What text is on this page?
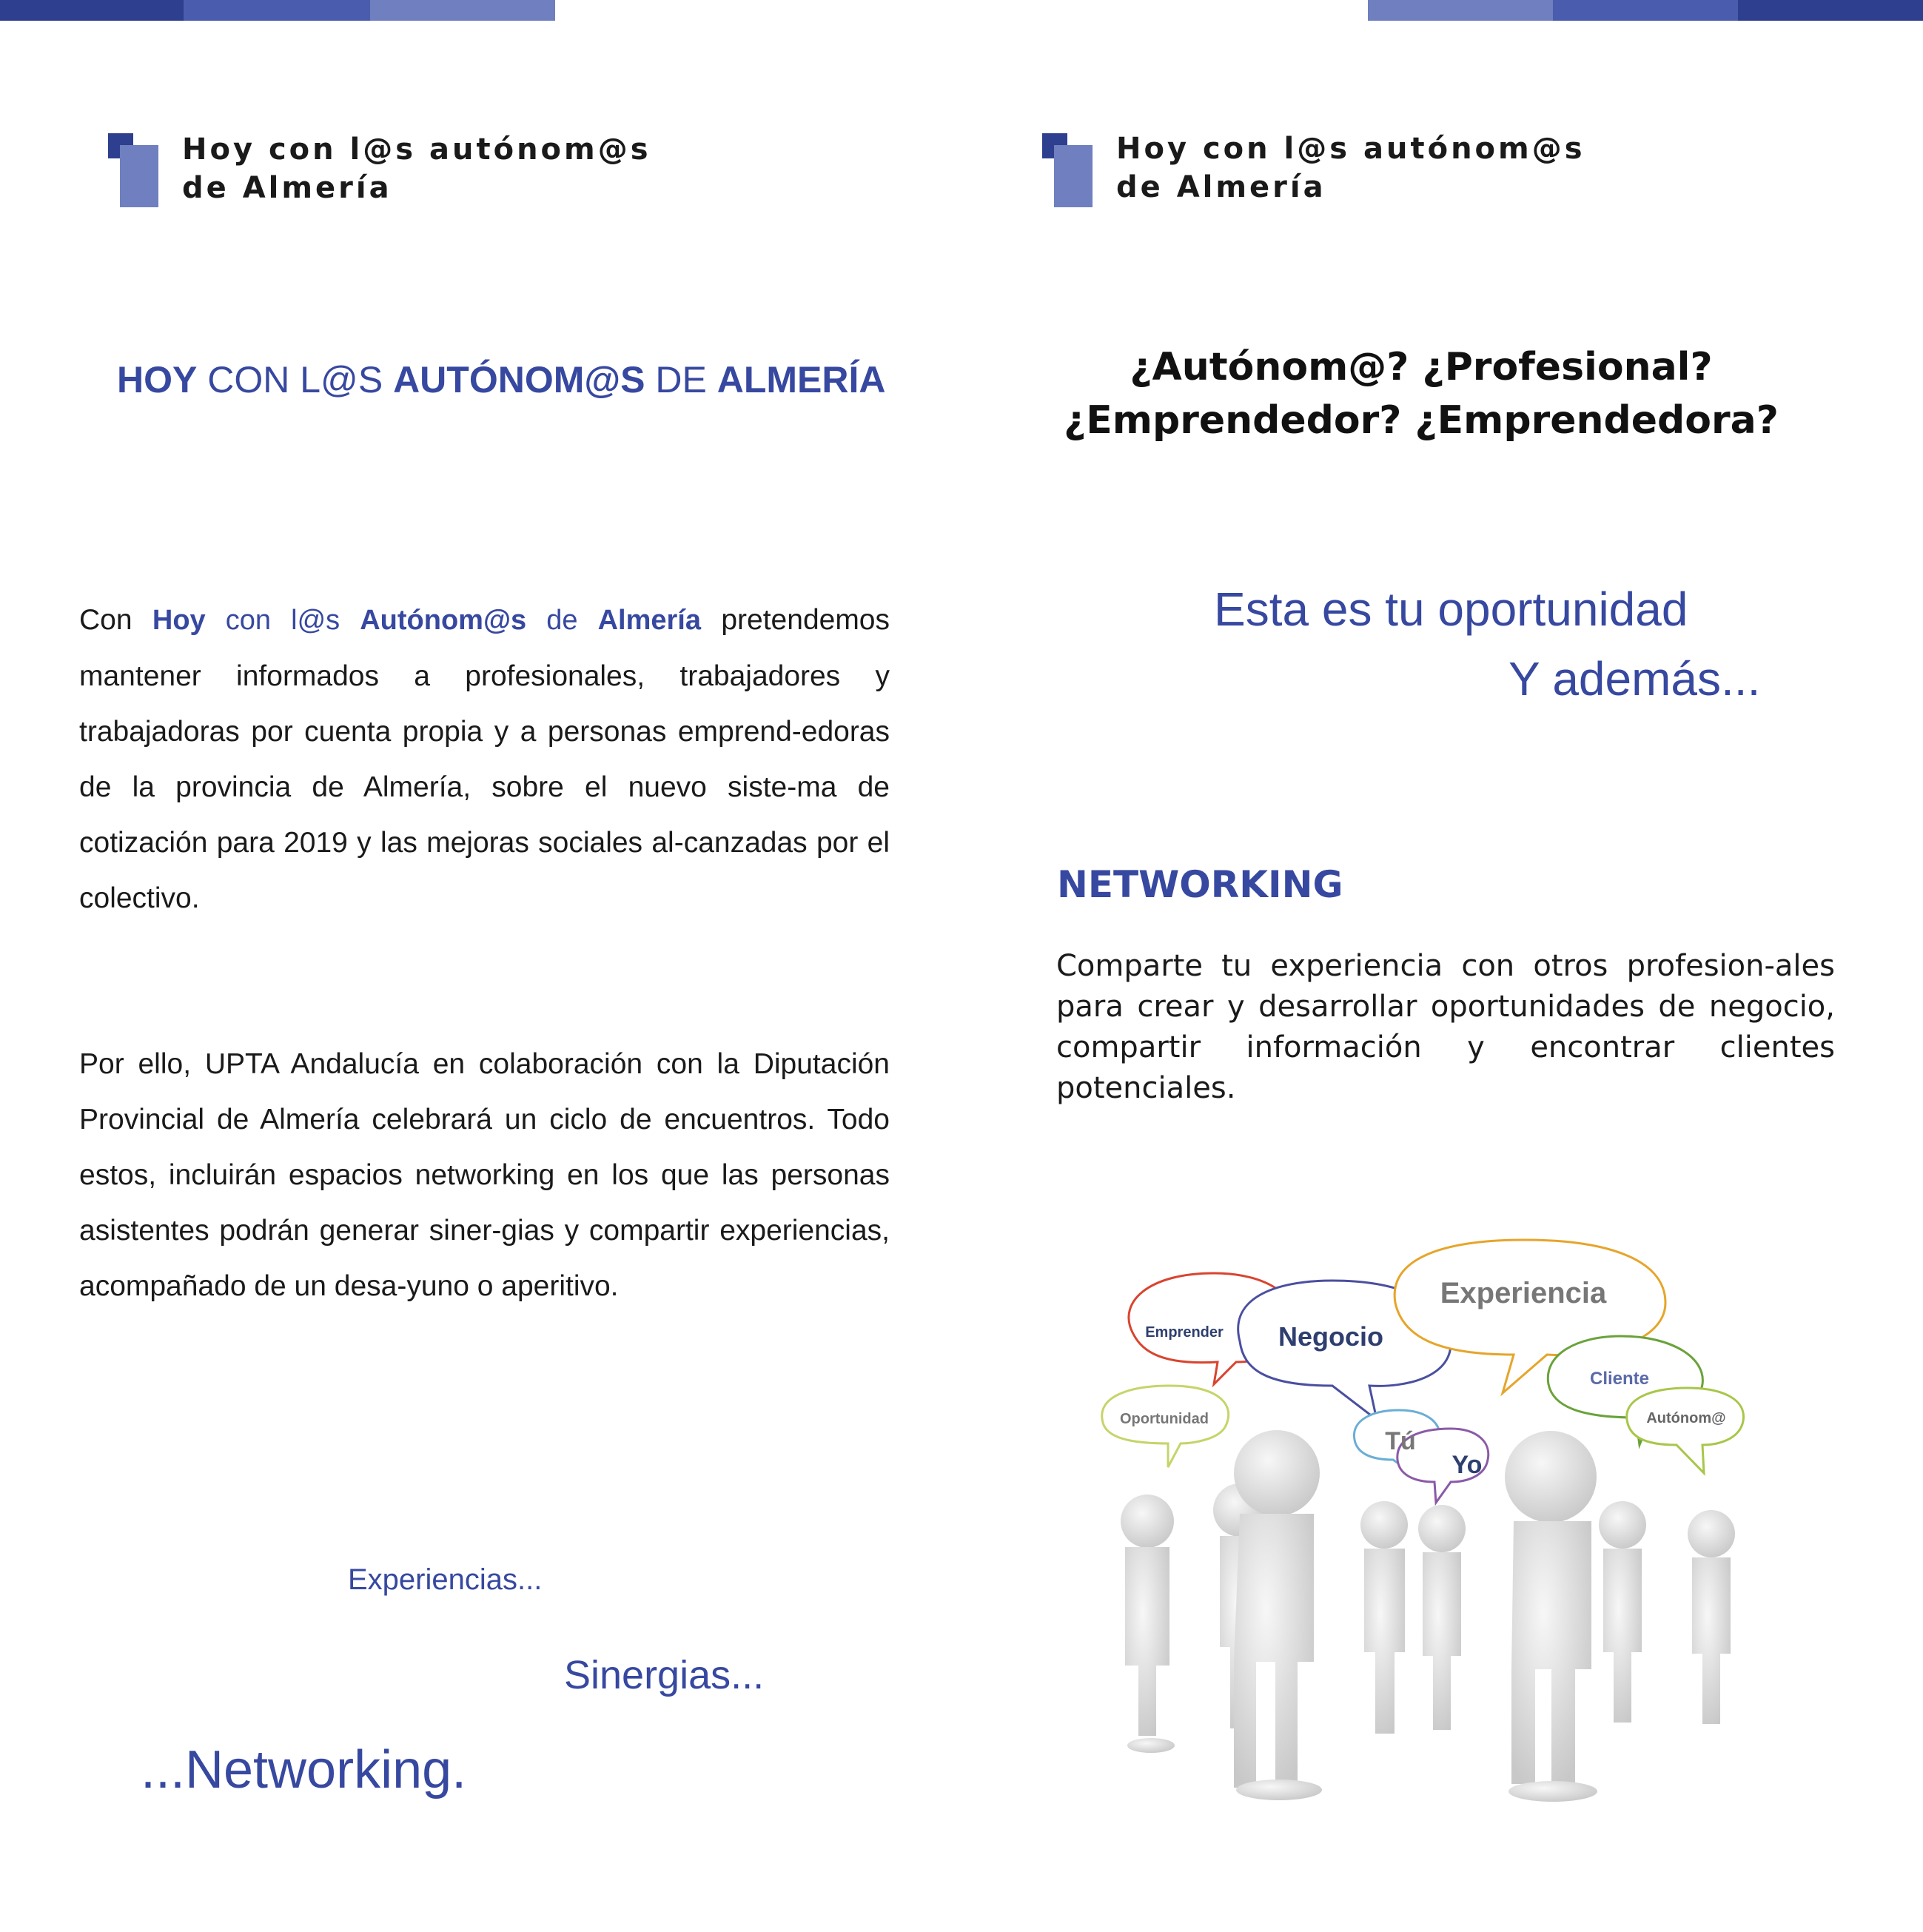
Hoy con l@s autónom@s
de Almería
HOY CON L@S AUTÓNOM@S DE ALMERÍA
Con Hoy con l@s Autónom@s de Almería pretendemos mantener informados a profesionales, trabajadores y trabajadoras por cuenta propia y a personas emprend-edoras de la provincia de Almería, sobre el nuevo siste-ma de cotización para 2019 y las mejoras sociales al-canzadas por el colectivo.
Por ello, UPTA Andalucía en colaboración con la Diputación Provincial de Almería celebrará un ciclo de encuentros. Todo estos, incluirán espacios networking en los que las personas asistentes podrán generar siner-gias y compartir experiencias, acompañado de un desa-yuno o aperitivo.
Experiencias...
Sinergias...
...Networking.
Hoy con l@s autónom@s
de Almería
¿Autónom@? ¿Profesional?
¿Emprendedor? ¿Emprendedora?
Esta es tu oportunidad
Y además...
NETWORKING
Comparte tu experiencia con otros profesion-ales para crear y desarrollar oportunidades de negocio, compartir información y encontrar clientes potenciales.
Emprender
Oportunidad
Negocio
Experiencia
Cliente
Autónom@
Tú
Yo
